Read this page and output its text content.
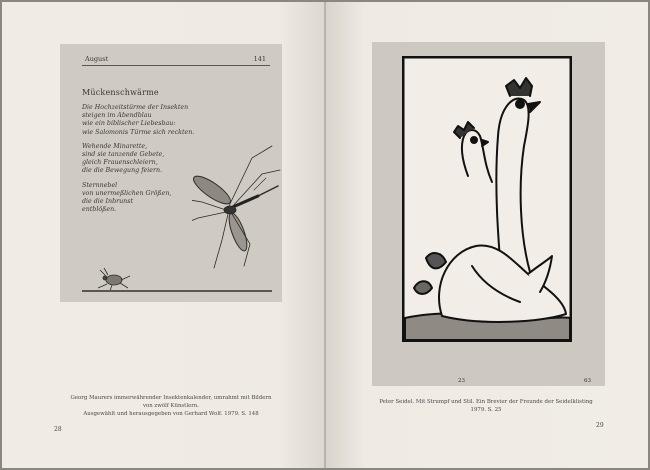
August	141
Mückenschwärme
Die Hochzeitstürme der Insekten
steigen im Abendblau
wie ein biblischer Liebesbau:
wie Salomonis Türme sich reckten.
Wehende Minarette,
sind sie tanzende Gebete,
gleich Frauenschleiern,
die die Bewegung feiern.
Sternnebel
von unermeßlichen Größen,
die die Inbrunst
entblößen.
Georg Maurers immerwährender Insektenkalender, umrahmt mit Bildern
von zwölf Künstlern.
Ausgewählt und herausgegeben von Gerhard Wolf. 1979. S. 148
28
23	63
Peter Seidel. Mit Strumpf und Stil. Ein Brevier der Freunde der Seidelklisting
1979. S. 25
29
